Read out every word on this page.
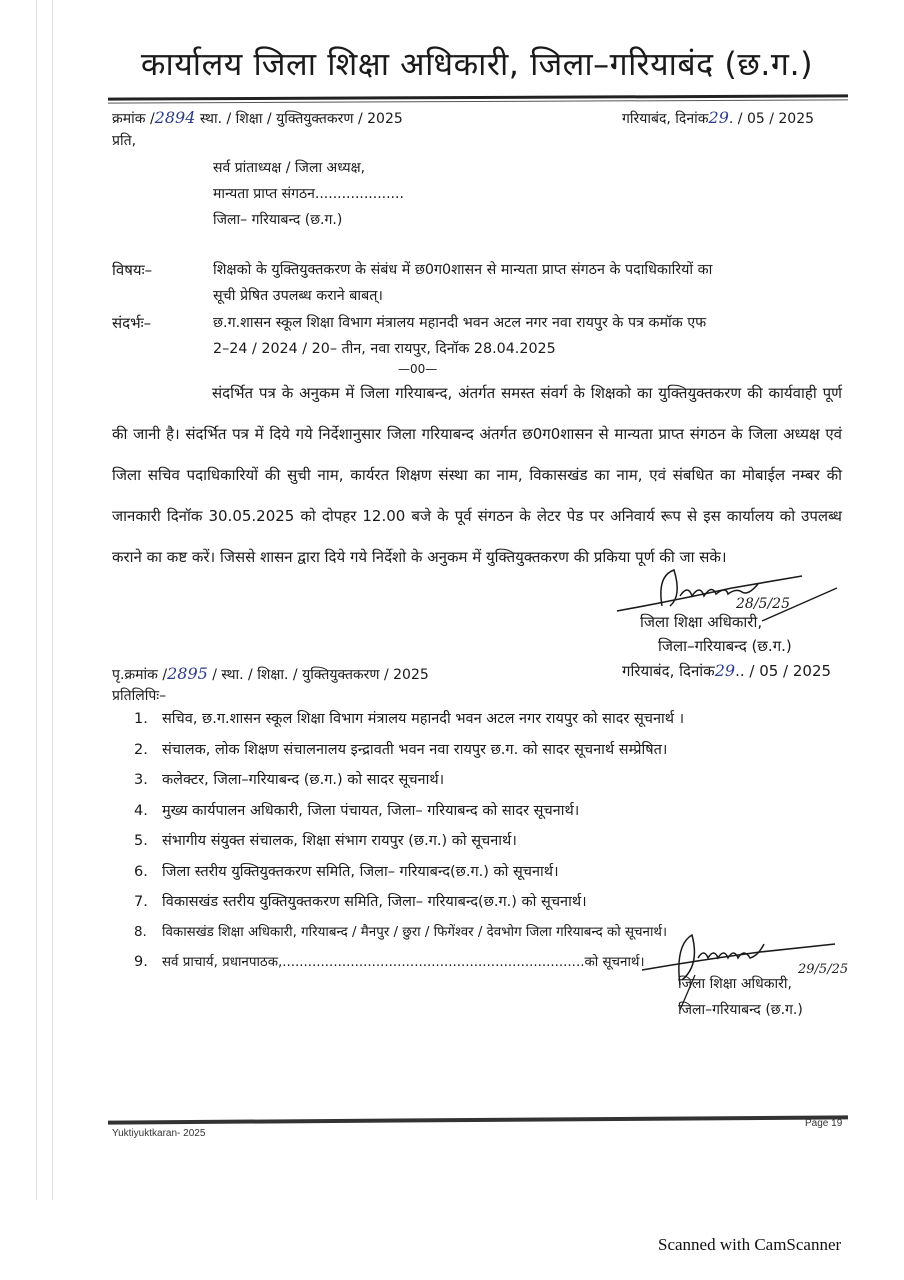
कार्यालय जिला शिक्षा अधिकारी, जिला–गरियाबंद (छ.ग.)
क्रमांक /2894 स्था. / शिक्षा / युक्तियुक्तकरण / 2025	गरियाबंद, दिनांक29. / 05 / 2025
प्रति,
सर्व प्रांताध्यक्ष / जिला अध्यक्ष,
मान्यता प्राप्त संगठन....................
जिला– गरियाबन्द (छ.ग.)
विषयः–	शिक्षको के युक्तियुक्तकरण के संबंध में छ0ग0शासन से मान्यता प्राप्त संगठन के पदाधिकारियों का
सूची प्रेषित उपलब्ध कराने बाबत्।
संदर्भः–	छ.ग.शासन स्कूल शिक्षा विभाग मंत्रालय महानदी भवन अटल नगर नवा रायपुर के पत्र कमॉक एफ
2–24 / 2024 / 20– तीन, नवा रायपुर, दिनॉक 28.04.2025
—00—
संदर्भित पत्र के अनुकम में जिला गरियाबन्द, अंतर्गत समस्त संवर्ग के शिक्षको का युक्तियुक्तकरण की कार्यवाही पूर्ण की जानी है। संदर्भित पत्र में दिये गये निर्देशानुसार जिला गरियाबन्द अंतर्गत छ0ग0शासन से मान्यता प्राप्त संगठन के जिला अध्यक्ष एवं जिला सचिव पदाधिकारियों की सुची नाम, कार्यरत शिक्षण संस्था का नाम, विकासखंड का नाम, एवं संबधित का मोबाईल नम्बर की जानकारी दिनॉक 30.05.2025 को दोपहर 12.00 बजे के पूर्व संगठन के लेटर पेड पर अनिवार्य रूप से इस कार्यालय को उपलब्ध कराने का कष्ट करें। जिससे शासन द्वारा दिये गये निर्देशो के अनुकम में युक्तियुक्तकरण की प्रकिया पूर्ण की जा सके।
28/5/25
जिला शिक्षा अधिकारी,
जिला–गरियाबन्द (छ.ग.)
पृ.क्रमांक /2895 / स्था. / शिक्षा. / युक्तियुक्तकरण / 2025	गरियाबंद, दिनांक29.. / 05 / 2025
प्रतिलिपिः–
1. सचिव, छ.ग.शासन स्कूल शिक्षा विभाग मंत्रालय महानदी भवन अटल नगर रायपुर को सादर सूचनार्थ ।
2. संचालक, लोक शिक्षण संचालनालय इन्द्रावती भवन नवा रायपुर छ.ग. को सादर सूचनार्थ सम्प्रेषित।
3. कलेक्टर, जिला–गरियाबन्द (छ.ग.) को सादर सूचनार्थ।
4. मुख्य कार्यपालन अधिकारी, जिला पंचायत, जिला– गरियाबन्द को सादर सूचनार्थ।
5. संभागीय संयुक्त संचालक, शिक्षा संभाग रायपुर (छ.ग.) को सूचनार्थ।
6. जिला स्तरीय युक्तियुक्तकरण समिति, जिला– गरियाबन्द(छ.ग.) को सूचनार्थ।
7. विकासखंड स्तरीय युक्तियुक्तकरण समिति, जिला– गरियाबन्द(छ.ग.) को सूचनार्थ।
8. विकासखंड शिक्षा अधिकारी, गरियाबन्द / मैनपुर / छुरा / फिगेंश्वर / देवभोग जिला गरियाबन्द को सूचनार्थ।
9. सर्व प्राचार्य, प्रधानपाठक,.......................................................................को सूचनार्थ।	29/5/25
जिला शिक्षा अधिकारी,
जिला–गरियाबन्द (छ.ग.)
Yuktiyuktkaran- 2025
Page 19
Scanned with CamScanner
